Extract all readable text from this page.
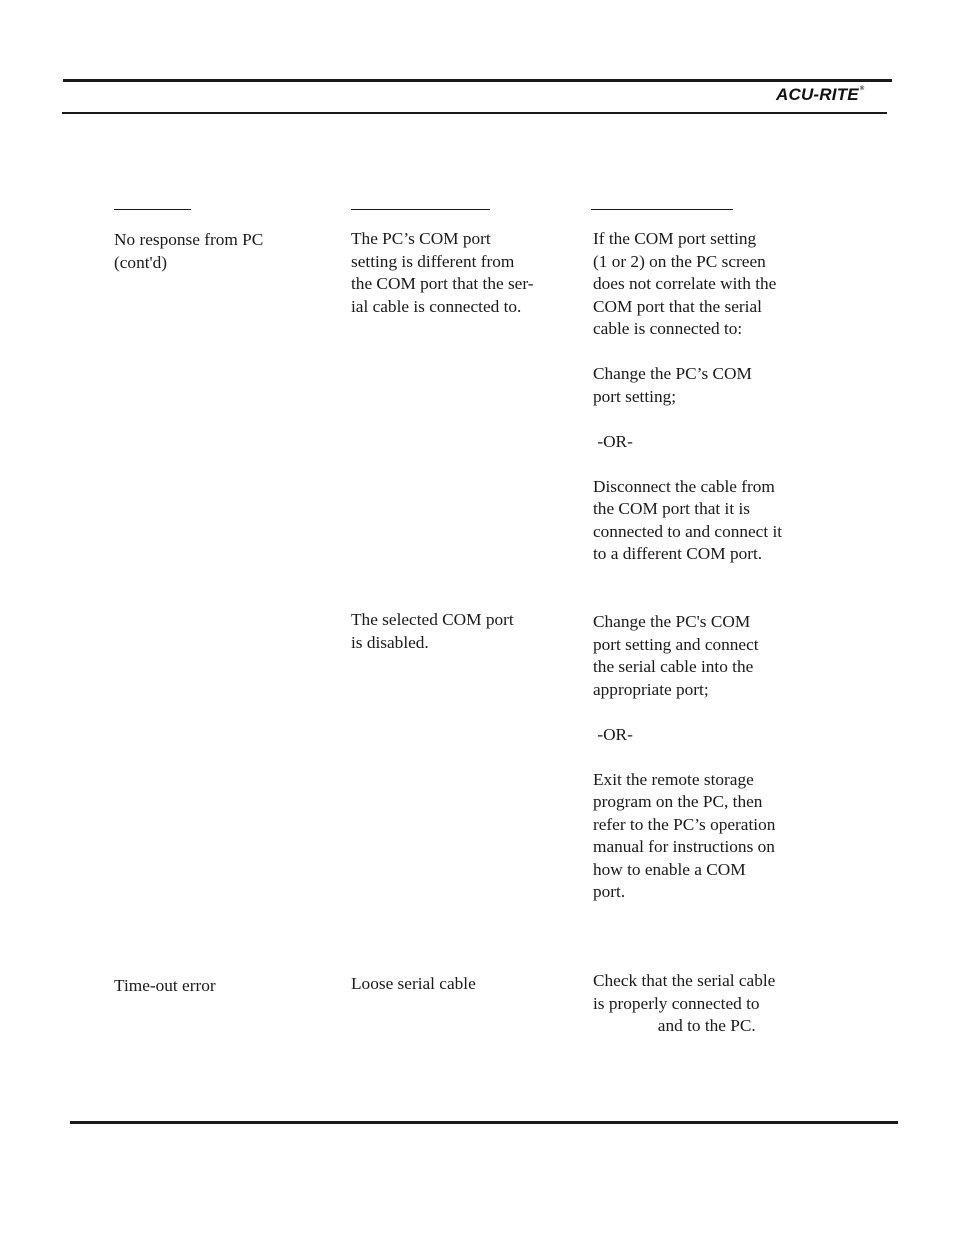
ACU-RITE®

No response from PC
(cont'd)

The PC’s COM port
setting is different from
the COM port that the ser-
ial cable is connected to.

If the COM port setting
(1 or 2) on the PC screen
does not correlate with the
COM port that the serial
cable is connected to:

Change the PC’s COM
port setting;

-OR-

Disconnect the cable from
the COM port that it is
connected to and connect it
to a different COM port.

The selected COM port
is disabled.

Change the PC's COM
port setting and connect
the serial cable into the
appropriate port;

-OR-

Exit the remote storage
program on the PC, then
refer to the PC’s operation
manual for instructions on
how to enable a COM
port.

Time-out error	Loose serial cable	Check that the serial cable
is properly connected to
and to the PC.
